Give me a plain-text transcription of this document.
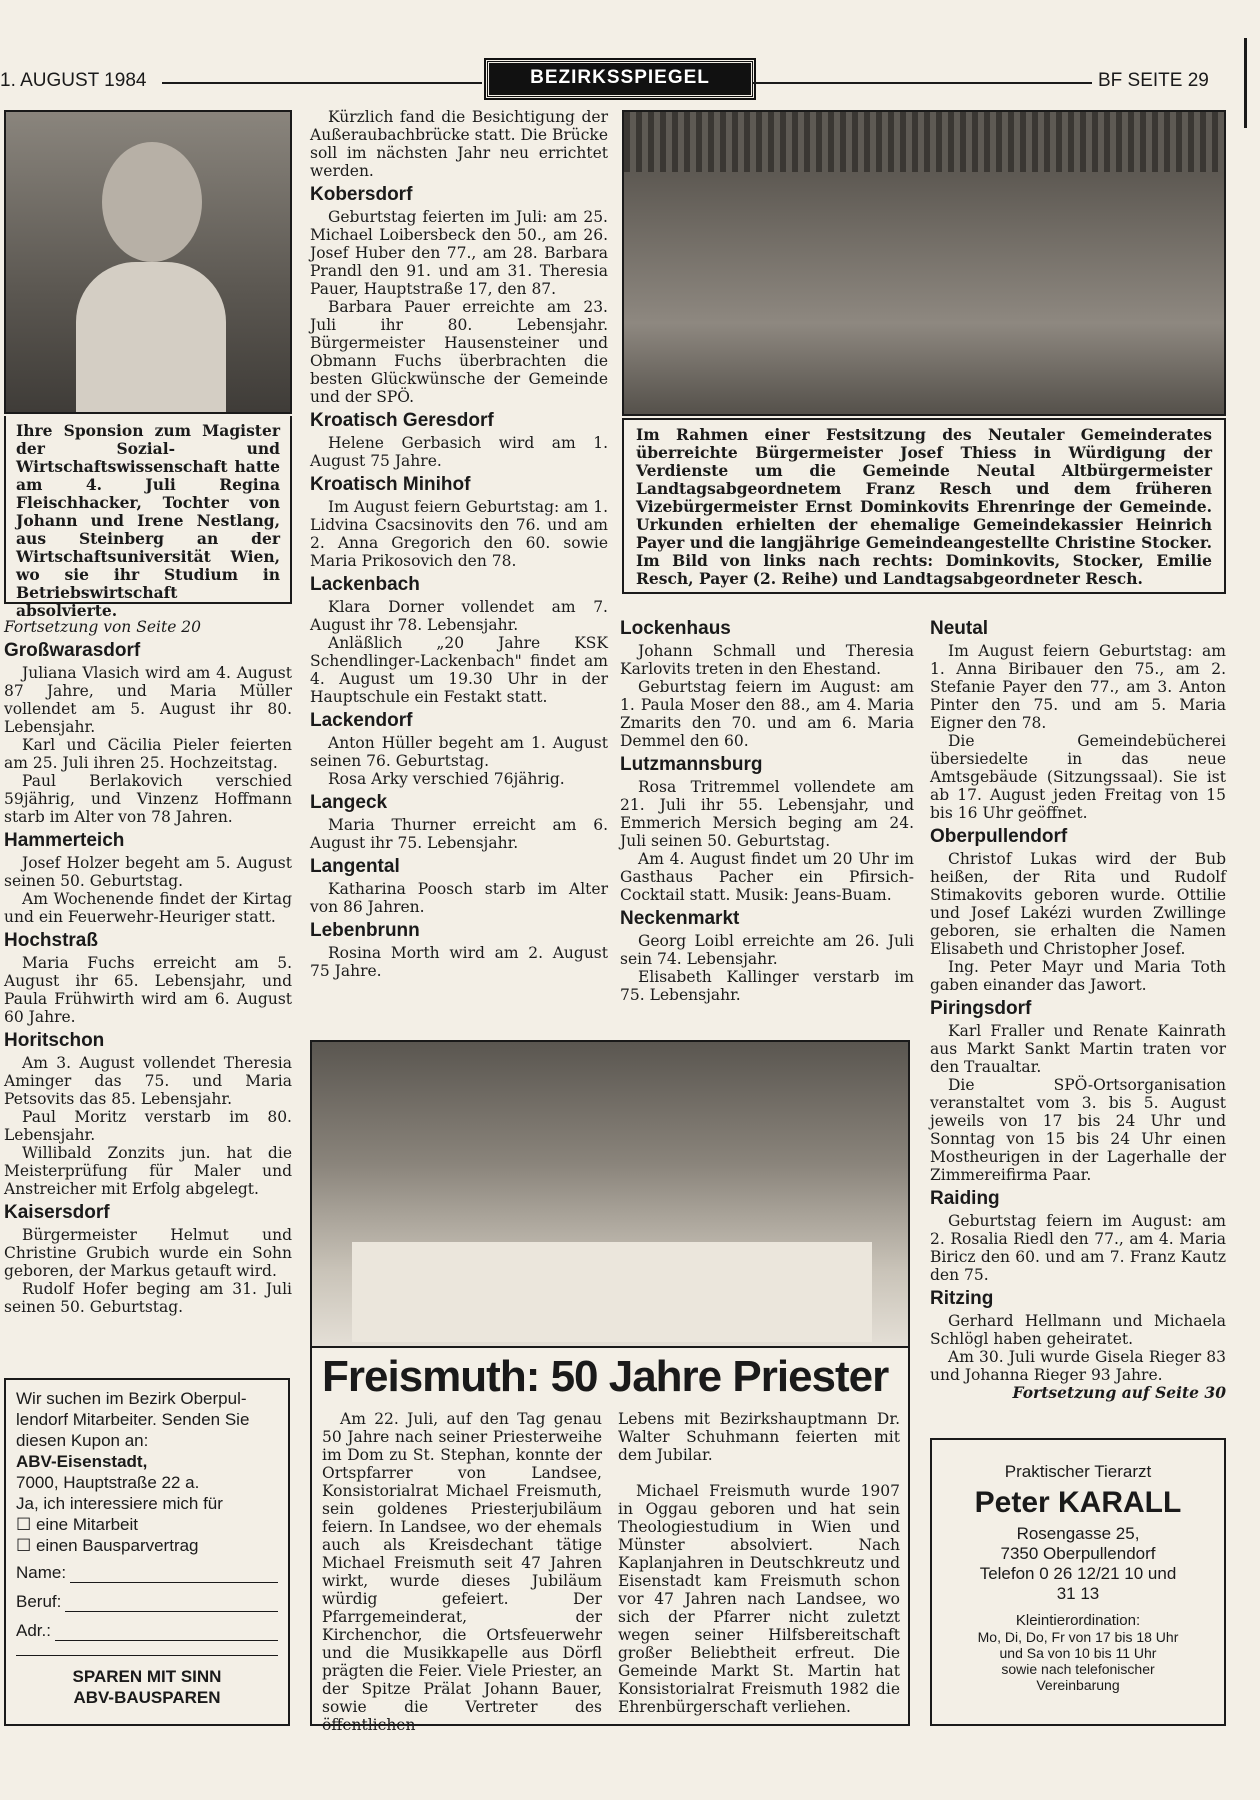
1. AUGUST 1984	BEZIRKSSPIEGEL	BF SEITE 29
Ihre Sponsion zum Magister der Sozial- und Wirtschaftswissenschaft hatte am 4. Juli Regina Fleischhacker, Tochter von Johann und Irene Nestlang, aus Steinberg an der Wirtschaftsuniversität Wien, wo sie ihr Studium in Betriebswirtschaft absolvierte.

Fortsetzung von Seite 20

Großwarasdorf

Juliana Vlasich wird am 4. August 87 Jahre, und Maria Müller vollendet am 5. August ihr 80. Lebensjahr.

Karl und Cäcilia Pieler feierten am 25. Juli ihren 25. Hochzeitstag.

Paul Berlakovich verschied 59jährig, und Vinzenz Hoffmann starb im Alter von 78 Jahren.

Hammerteich

Josef Holzer begeht am 5. August seinen 50. Geburtstag.

Am Wochenende findet der Kirtag und ein Feuerwehr-Heuriger statt.

Hochstraß

Maria Fuchs erreicht am 5. August ihr 65. Lebensjahr, und Paula Frühwirth wird am 6. August 60 Jahre.

Horitschon

Am 3. August vollendet Theresia Aminger das 75. und Maria Petsovits das 85. Lebensjahr.

Paul Moritz verstarb im 80. Lebensjahr.

Willibald Zonzits jun. hat die Meisterprüfung für Maler und Anstreicher mit Erfolg abgelegt.

Kaisersdorf

Bürgermeister Helmut und Christine Grubich wurde ein Sohn geboren, der Markus getauft wird.

Rudolf Hofer beging am 31. Juli seinen 50. Geburtstag.

Wir suchen im Bezirk Oberpul-
lendorf Mitarbeiter. Senden Sie
diesen Kupon an:
ABV-Eisenstadt,
7000, Hauptstraße 22 a.
Ja, ich interessiere mich für
☐ eine Mitarbeit
☐ einen Bausparvertrag
Name:
Beruf:
Adr.:
SPAREN MIT SINN
ABV-BAUSPAREN

Kürzlich fand die Besichtigung der Außeraubachbrücke statt. Die Brücke soll im nächsten Jahr neu errichtet werden.

Kobersdorf

Geburtstag feierten im Juli: am 25. Michael Loibersbeck den 50., am 26. Josef Huber den 77., am 28. Barbara Prandl den 91. und am 31. Theresia Pauer, Hauptstraße 17, den 87.

Barbara Pauer erreichte am 23. Juli ihr 80. Lebensjahr. Bürgermeister Hausensteiner und Obmann Fuchs überbrachten die besten Glückwünsche der Gemeinde und der SPÖ.

Kroatisch Geresdorf

Helene Gerbasich wird am 1. August 75 Jahre.

Kroatisch Minihof

Im August feiern Geburtstag: am 1. Lidvina Csacsinovits den 76. und am 2. Anna Gregorich den 60. sowie Maria Prikosovich den 78.

Lackenbach

Klara Dorner vollendet am 7. August ihr 78. Lebensjahr.

Anläßlich „20 Jahre KSK Schendlinger-Lackenbach" findet am 4. August um 19.30 Uhr in der Hauptschule ein Festakt statt.

Lackendorf

Anton Hüller begeht am 1. August seinen 76. Geburtstag.

Rosa Arky verschied 76jährig.

Langeck

Maria Thurner erreicht am 6. August ihr 75. Lebensjahr.

Langental

Katharina Poosch starb im Alter von 86 Jahren.

Lebenbrunn

Rosina Morth wird am 2. August 75 Jahre.

Im Rahmen einer Festsitzung des Neutaler Gemeinderates überreichte Bürgermeister Josef Thiess in Würdigung der Verdienste um die Gemeinde Neutal Altbürgermeister Landtagsabgeordnetem Franz Resch und dem früheren Vizebürgermeister Ernst Dominkovits Ehrenringe der Gemeinde. Urkunden erhielten der ehemalige Gemeindekassier Heinrich Payer und die langjährige Gemeindeangestellte Christine Stocker. Im Bild von links nach rechts: Dominkovits, Stocker, Emilie Resch, Payer (2. Reihe) und Landtagsabgeordneter Resch.
Lockenhaus

Johann Schmall und Theresia Karlovits treten in den Ehestand.

Geburtstag feiern im August: am 1. Paula Moser den 88., am 4. Maria Zmarits den 70. und am 6. Maria Demmel den 60.

Lutzmannsburg

Rosa Tritremmel vollendete am 21. Juli ihr 55. Lebensjahr, und Emmerich Mersich beging am 24. Juli seinen 50. Geburtstag.

Am 4. August findet um 20 Uhr im Gasthaus Pacher ein Pfirsich-Cocktail statt. Musik: Jeans-Buam.

Neckenmarkt

Georg Loibl erreichte am 26. Juli sein 74. Lebensjahr.

Elisabeth Kallinger verstarb im 75. Lebensjahr.

Neutal

Im August feiern Geburtstag: am 1. Anna Biribauer den 75., am 2. Stefanie Payer den 77., am 3. Anton Pinter den 75. und am 5. Maria Eigner den 78.

Die Gemeindebücherei übersiedelte in das neue Amtsgebäude (Sitzungssaal). Sie ist ab 17. August jeden Freitag von 15 bis 16 Uhr geöffnet.

Oberpullendorf

Christof Lukas wird der Bub heißen, der Rita und Rudolf Stimakovits geboren wurde. Ottilie und Josef Lakézi wurden Zwillinge geboren, sie erhalten die Namen Elisabeth und Christopher Josef.

Ing. Peter Mayr und Maria Toth gaben einander das Jawort.

Piringsdorf

Karl Fraller und Renate Kainrath aus Markt Sankt Martin traten vor den Traualtar.

Die SPÖ-Ortsorganisation veranstaltet vom 3. bis 5. August jeweils von 17 bis 24 Uhr und Sonntag von 15 bis 24 Uhr einen Mostheurigen in der Lagerhalle der Zimmereifirma Paar.

Raiding

Geburtstag feiern im August: am 2. Rosalia Riedl den 77., am 4. Maria Biricz den 60. und am 7. Franz Kautz den 75.

Ritzing

Gerhard Hellmann und Michaela Schlögl haben geheiratet.

Am 30. Juli wurde Gisela Rieger 83 und Johanna Rieger 93 Jahre.

Fortsetzung auf Seite 30

Freismuth: 50 Jahre Priester

Am 22. Juli, auf den Tag genau 50 Jahre nach seiner Priesterweihe im Dom zu St. Stephan, konnte der Ortspfarrer von Landsee, Konsistorialrat Michael Freismuth, sein goldenes Priesterjubiläum feiern. In Landsee, wo der ehemals auch als Kreisdechant tätige Michael Freismuth seit 47 Jahren wirkt, wurde dieses Jubiläum würdig gefeiert. Der Pfarrgemeinderat, der Kirchenchor, die Ortsfeuerwehr und die Musikkapelle aus Dörfl prägten die Feier. Viele Priester, an der Spitze Prälat Johann Bauer, sowie die Vertreter des öffentlichen

Lebens mit Bezirkshauptmann Dr. Walter Schuhmann feierten mit dem Jubilar.

Michael Freismuth wurde 1907 in Oggau geboren und hat sein Theologiestudium in Wien und Münster absolviert. Nach Kaplanjahren in Deutschkreutz und Eisenstadt kam Freismuth schon vor 47 Jahren nach Landsee, wo sich der Pfarrer nicht zuletzt wegen seiner Hilfsbereitschaft großer Beliebtheit erfreut. Die Gemeinde Markt St. Martin hat Konsistorialrat Freismuth 1982 die Ehrenbürgerschaft verliehen.

Praktischer Tierarzt
Peter KARALL
Rosengasse 25,
7350 Oberpullendorf
Telefon 0 26 12/21 10 und
31 13
Kleintierordination:
Mo, Di, Do, Fr von 17 bis 18 Uhr
und Sa von 10 bis 11 Uhr
sowie nach telefonischer
Vereinbarung
